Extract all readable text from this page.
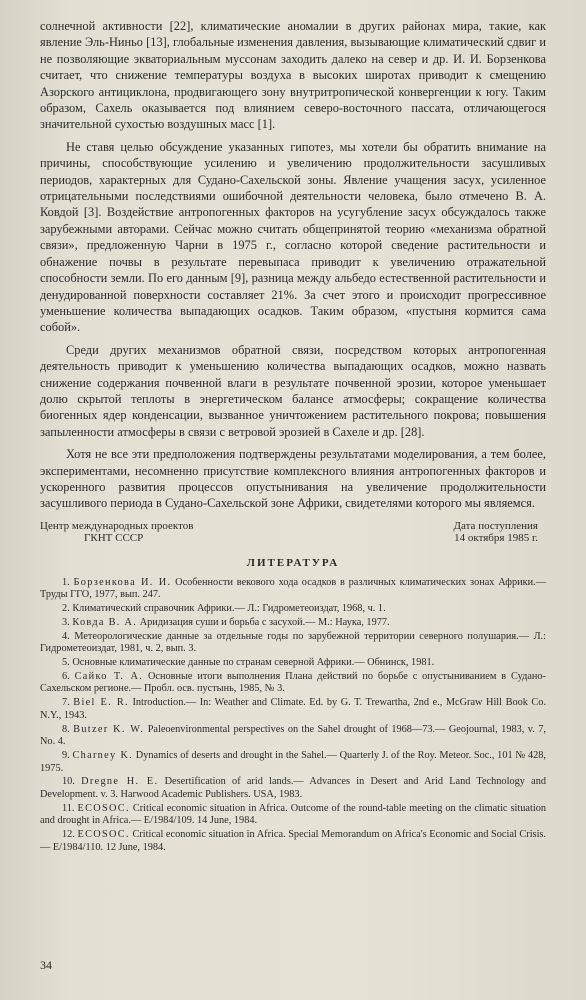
солнечной активности [22], климатические аномалии в других районах мира, такие, как явление Эль-Ниньо [13], глобальные изменения давления, вызывающие климатический сдвиг и не позволяющие экваториальным муссонам заходить далеко на север и др. И. И. Борзенкова считает, что снижение температуры воздуха в высоких широтах приводит к смещению Азорского антициклона, продвигающего зону внутритропической конвергенции к югу. Таким образом, Сахель оказывается под влиянием северо-восточного пассата, отличающегося значительной сухостью воздушных масс [1].

Не ставя целью обсуждение указанных гипотез, мы хотели бы обратить внимание на причины, способствующие усилению и увеличению продолжительности засушливых периодов, характерных для Судано-Сахельской зоны. Явление учащения засух, усиленное отрицательными последствиями ошибочной деятельности человека, было отмечено В. А. Ковдой [3]. Воздействие антропогенных факторов на усугубление засух обсуждалось также зарубежными авторами. Сейчас можно считать общепринятой теорию «механизма обратной связи», предложенную Чарни в 1975 г., согласно которой сведение растительности и обнажение почвы в результате перевыпаса приводит к увеличению отражательной способности земли. По его данным [9], разница между альбедо естественной растительности и денудированной поверхности составляет 21%. За счет этого и происходит прогрессивное уменьшение количества выпадающих осадков. Таким образом, «пустыня кормится сама собой».

Среди других механизмов обратной связи, посредством которых антропогенная деятельность приводит к уменьшению количества выпадающих осадков, можно назвать снижение содержания почвенной влаги в результате почвенной эрозии, которое уменьшает долю скрытой теплоты в энергетическом балансе атмосферы; сокращение количества биогенных ядер конденсации, вызванное уничтожением растительного покрова; повышения запыленности атмосферы в связи с ветровой эрозией в Сахеле и др. [28].

Хотя не все эти предположения подтверждены результатами моделирования, а тем более, экспериментами, несомненно присутствие комплексного влияния антропогенных факторов и ускоренного развития процессов опустынивания на увеличение продолжительности засушливого периода в Судано-Сахельской зоне Африки, свидетелями которого мы являемся.

Центр международных проектов
ГКНТ СССР
Дата поступления
14 октября 1985 г.
ЛИТЕРАТУРА
1. Борзенкова И. И. Особенности векового хода осадков в различных климатических зонах Африки.— Труды ГГО, 1977, вып. 247.
2. Климатический справочник Африки.— Л.: Гидрометеоиздат, 1968, ч. 1.
3. Ковда В. А. Аридизация суши и борьба с засухой.— М.: Наука, 1977.
4. Метеорологические данные за отдельные годы по зарубежной территории северного полушария.— Л.: Гидрометеоиздат, 1981, ч. 2, вып. 3.
5. Основные климатические данные по странам северной Африки.— Обнинск, 1981.
6. Сайко Т. А. Основные итоги выполнения Плана действий по борьбе с опустыниванием в Судано-Сахельском регионе.— Пробл. осв. пустынь, 1985, № 3.
7. Biel E. R. Introduction.— In: Weather and Climate. Ed. by G. T. Trewartha, 2nd e., McGraw Hill Book Co. N.Y., 1943.
8. Butzer K. W. Paleoenvironmental perspectives on the Sahel drought of 1968—73.— Geojournal, 1983, v. 7, No. 4.
9. Charney K. Dynamics of deserts and drought in the Sahel.— Quarterly J. of the Roy. Meteor. Soc., 101 № 428, 1975.
10. Dregne H. E. Desertification of arid lands.— Advances in Desert and Arid Land Technology and Development. v. 3. Harwood Academic Publishers. USA, 1983.
11. ECOSOC. Critical economic situation in Africa. Outcome of the round-table meeting on the climatic situation and drought in Africa.— E/1984/109. 14 June, 1984.
12. ECOSOC. Critical economic situation in Africa. Special Memorandum on Africa's Economic and Social Crisis.— E/1984/110. 12 June, 1984.
34
